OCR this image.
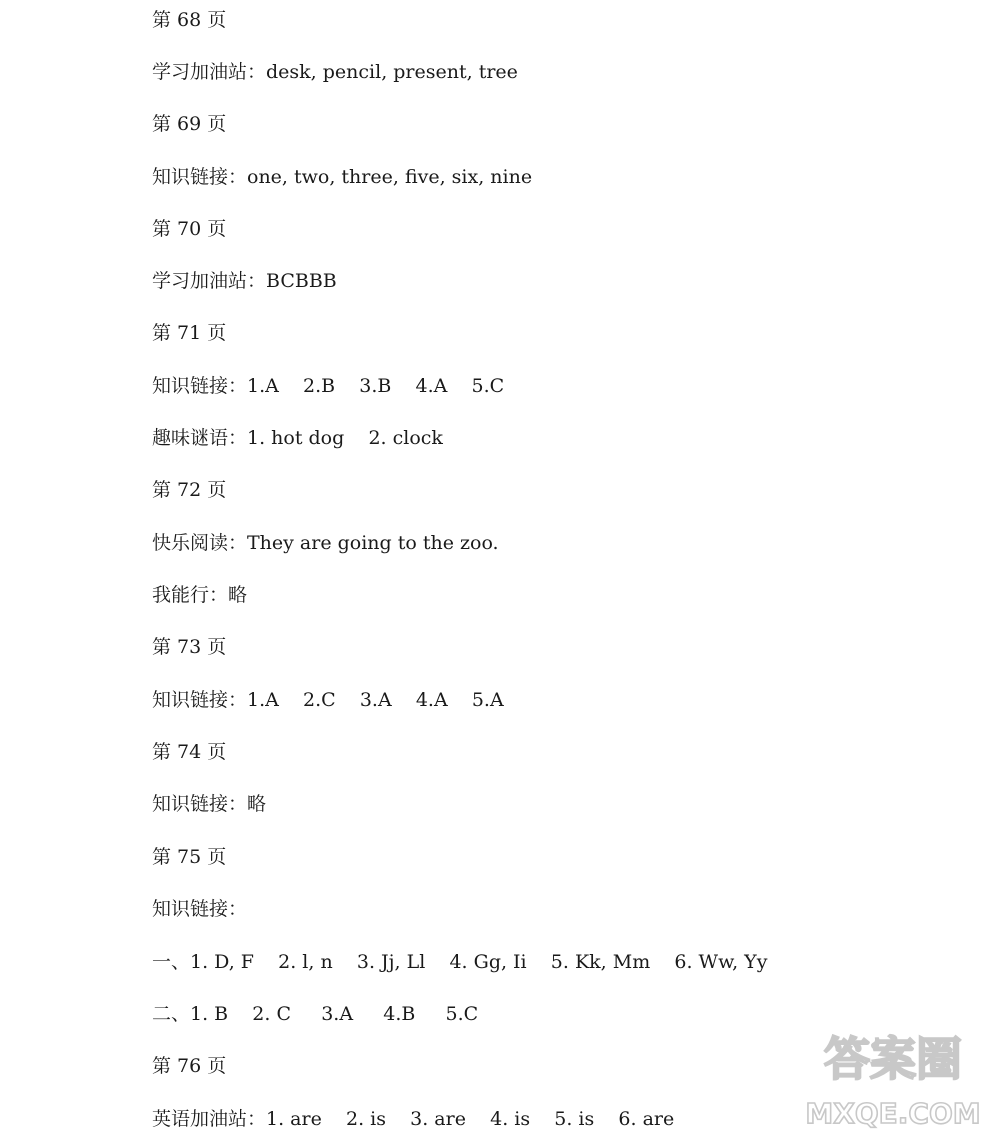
第 68 页
学习加油站：desk, pencil, present, tree
第 69 页
知识链接：one, two, three, five, six, nine
第 70 页
学习加油站：BCBBB
第 71 页
知识链接：1.A    2.B    3.B    4.A    5.C
趣味谜语：1. hot dog    2. clock
第 72 页
快乐阅读：They are going to the zoo.
我能行：略
第 73 页
知识链接：1.A    2.C    3.A    4.A    5.A
第 74 页
知识链接：略
第 75 页
知识链接：
一、1. D, F    2. l, n    3. Jj, Ll    4. Gg, Ii    5. Kk, Mm    6. Ww, Yy
二、1. B    2. C     3.A     4.B     5.C
第 76 页
英语加油站：1. are    2. is    3. are    4. is    5. is    6. are
答案圈
MXQE.COM
